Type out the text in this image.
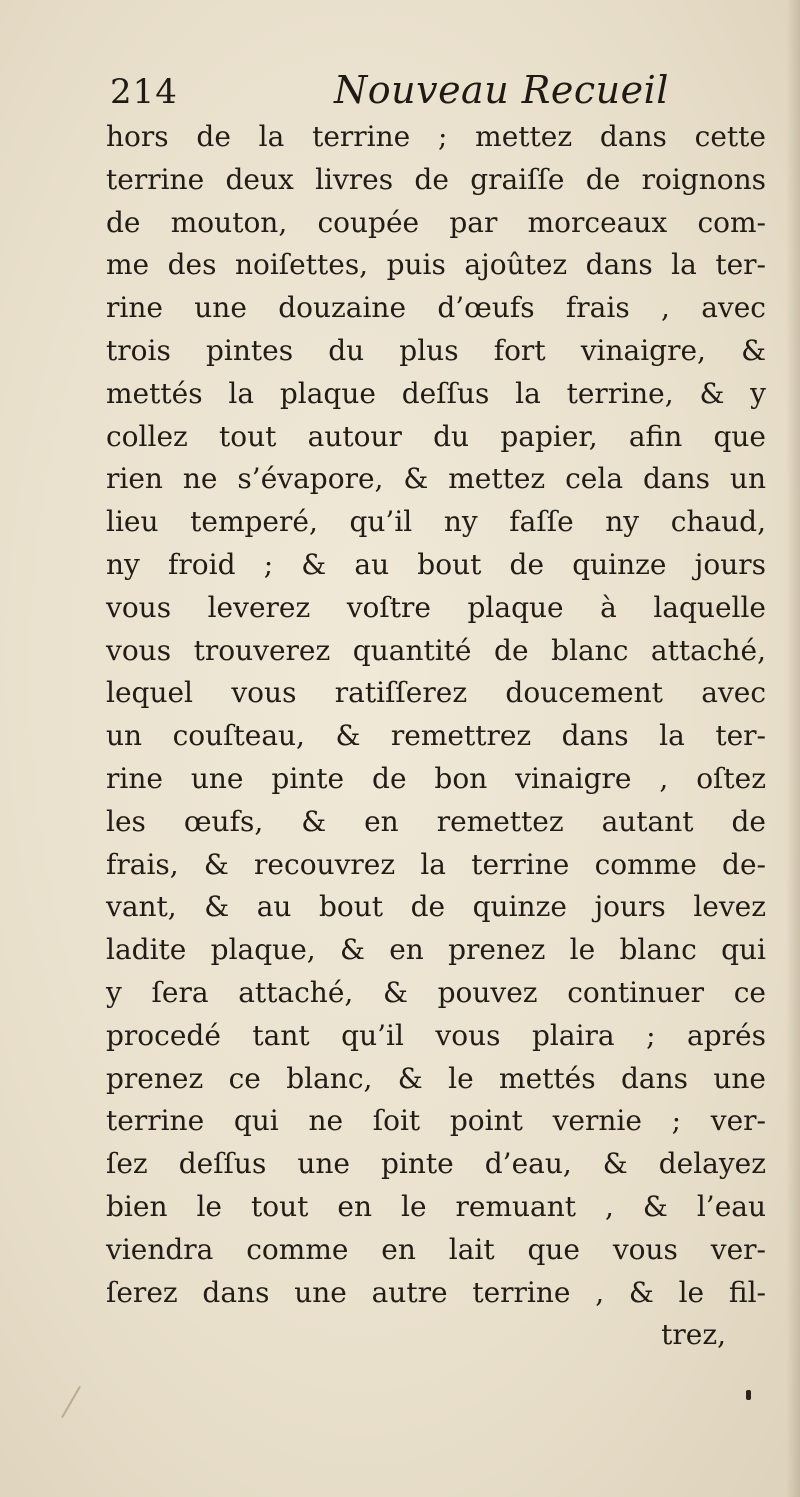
214	Nouveau Recueil
hors de la terrine ; mettez dans cette
terrine deux livres de graiſſe de roignons
de mouton, coupée par morceaux com-
me des noiſettes, puis ajoûtez dans la ter-
rine une douzaine d’œufs frais , avec
trois pintes du plus fort vinaigre, &
mettés la plaque deſſus la terrine, & y
collez tout autour du papier, afin que
rien ne s’évapore, & mettez cela dans un
lieu temperé, qu’il ny faſſe ny chaud,
ny froid ; & au bout de quinze jours
vous leverez voſtre plaque à laquelle
vous trouverez quantité de blanc attaché,
lequel vous ratiſſerez doucement avec
un couſteau, & remettrez dans la ter-
rine une pinte de bon vinaigre , oſtez
les œufs, & en remettez autant de
frais, & recouvrez la terrine comme de-
vant, & au bout de quinze jours levez
ladite plaque, & en prenez le blanc qui
y ſera attaché, & pouvez continuer ce
procedé tant qu’il vous plaira ; aprés
prenez ce blanc, & le mettés dans une
terrine qui ne ſoit point vernie ; ver-
ſez deſſus une pinte d’eau, & delayez
bien le tout en le remuant , & l’eau
viendra comme en lait que vous ver-
ſerez dans une autre terrine , & le fil-
trez,
